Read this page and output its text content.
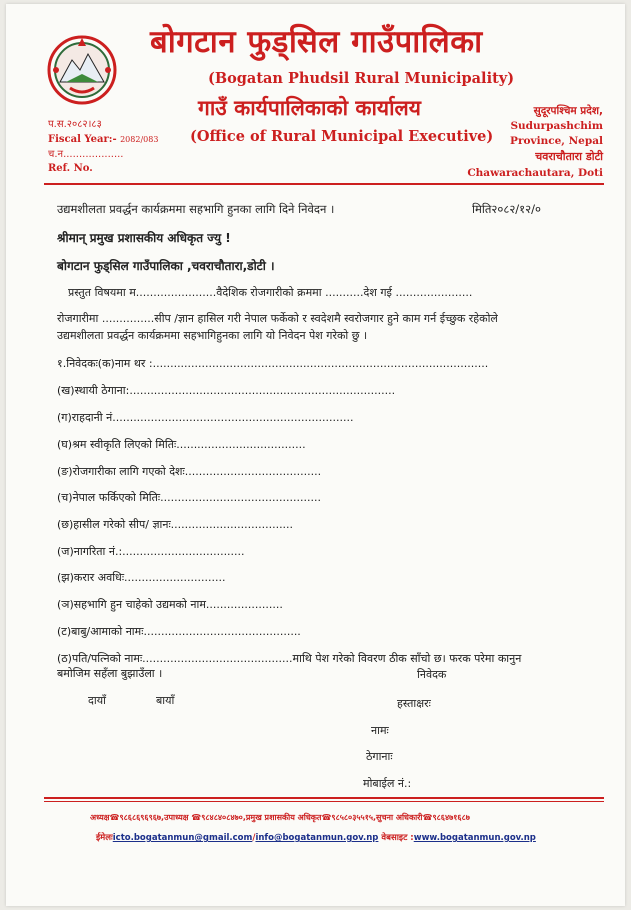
बोगटान फुड्सिल गाउँपालिका
(Bogatan Phudsil Rural Municipality)
गाउँ कार्यपालिकाको कार्यालय
(Office of Rural Municipal Executive)
प.स.२०८२।८३
Fiscal Year:- 2082/083
च.न...................
Ref. No.
सुदूरपश्चिम प्रदेश,
Sudurpashchim
Province, Nepal
चवराचौतारा डोटी
Chawarachautara, Doti
उद्यमशीलता प्रवर्द्धन कार्यक्रममा सहभागि हुनका लागि दिने निवेदन ।	मिति२०८२/१२/०
श्रीमान् प्रमुख प्रशासकीय अधिकृत ज्यु !
बोगटान फुड्सिल गाउँपालिका ,चवराचौतारा,डोटी ।
प्रस्तुत विषयमा म.......................वैदेशिक रोजगारीको क्रममा ...........देश गई ......................
रोजगारीमा ...............सीप /ज्ञान हासिल गरी नेपाल फर्केको र स्वदेशमै स्वरोजगार हुने काम गर्न ईच्छुक रहेकोले
उद्यमशीलता प्रवर्द्धन कार्यक्रममा सहभागिहुनका लागि यो निवेदन पेश गरेको छु ।
१.निवेदकः(क)नाम थर :................................................................................................
(ख)स्थायी ठेगाना:............................................................................
(ग)राहदानी नं.....................................................................
(घ)श्रम स्वीकृति लिएको मितिः.....................................
(ङ)रोजगारीका लागि गएको देशः.......................................
(च)नेपाल फर्किएको मितिः..............................................
(छ)हासील गरेको सीप/ ज्ञानः...................................
(ज)नागरिता नं.:...................................
(झ)करार अवधिः.............................
(ञ)सहभागि हुन चाहेको उद्यमको नाम......................
(ट)बाबु/आमाको नामः.............................................
(ठ)पति/पत्निको नामः...........................................माथि पेश गरेको विवरण ठीक साँचो छ। फरक परेमा कानुन
बमोजिम सहँला बुझाउँला ।	निवेदक
दायाँ	बायाँ	हस्ताक्षरः
नामः
ठेगानाः
मोबाईल नं.:
अध्यक्ष☎९८६८६९६९६७,उपाध्यक्ष ☎९८४८४०८४७०,प्रमुख प्रशासकीय अधिकृत☎९८५८०३५५१५,सुचना अधिकारी☎९८६४७१६८७
ईमेलःicto.bogatanmun@gmail.com/info@bogatanmun.gov.np वेबसाइट :www.bogatanmun.gov.np
